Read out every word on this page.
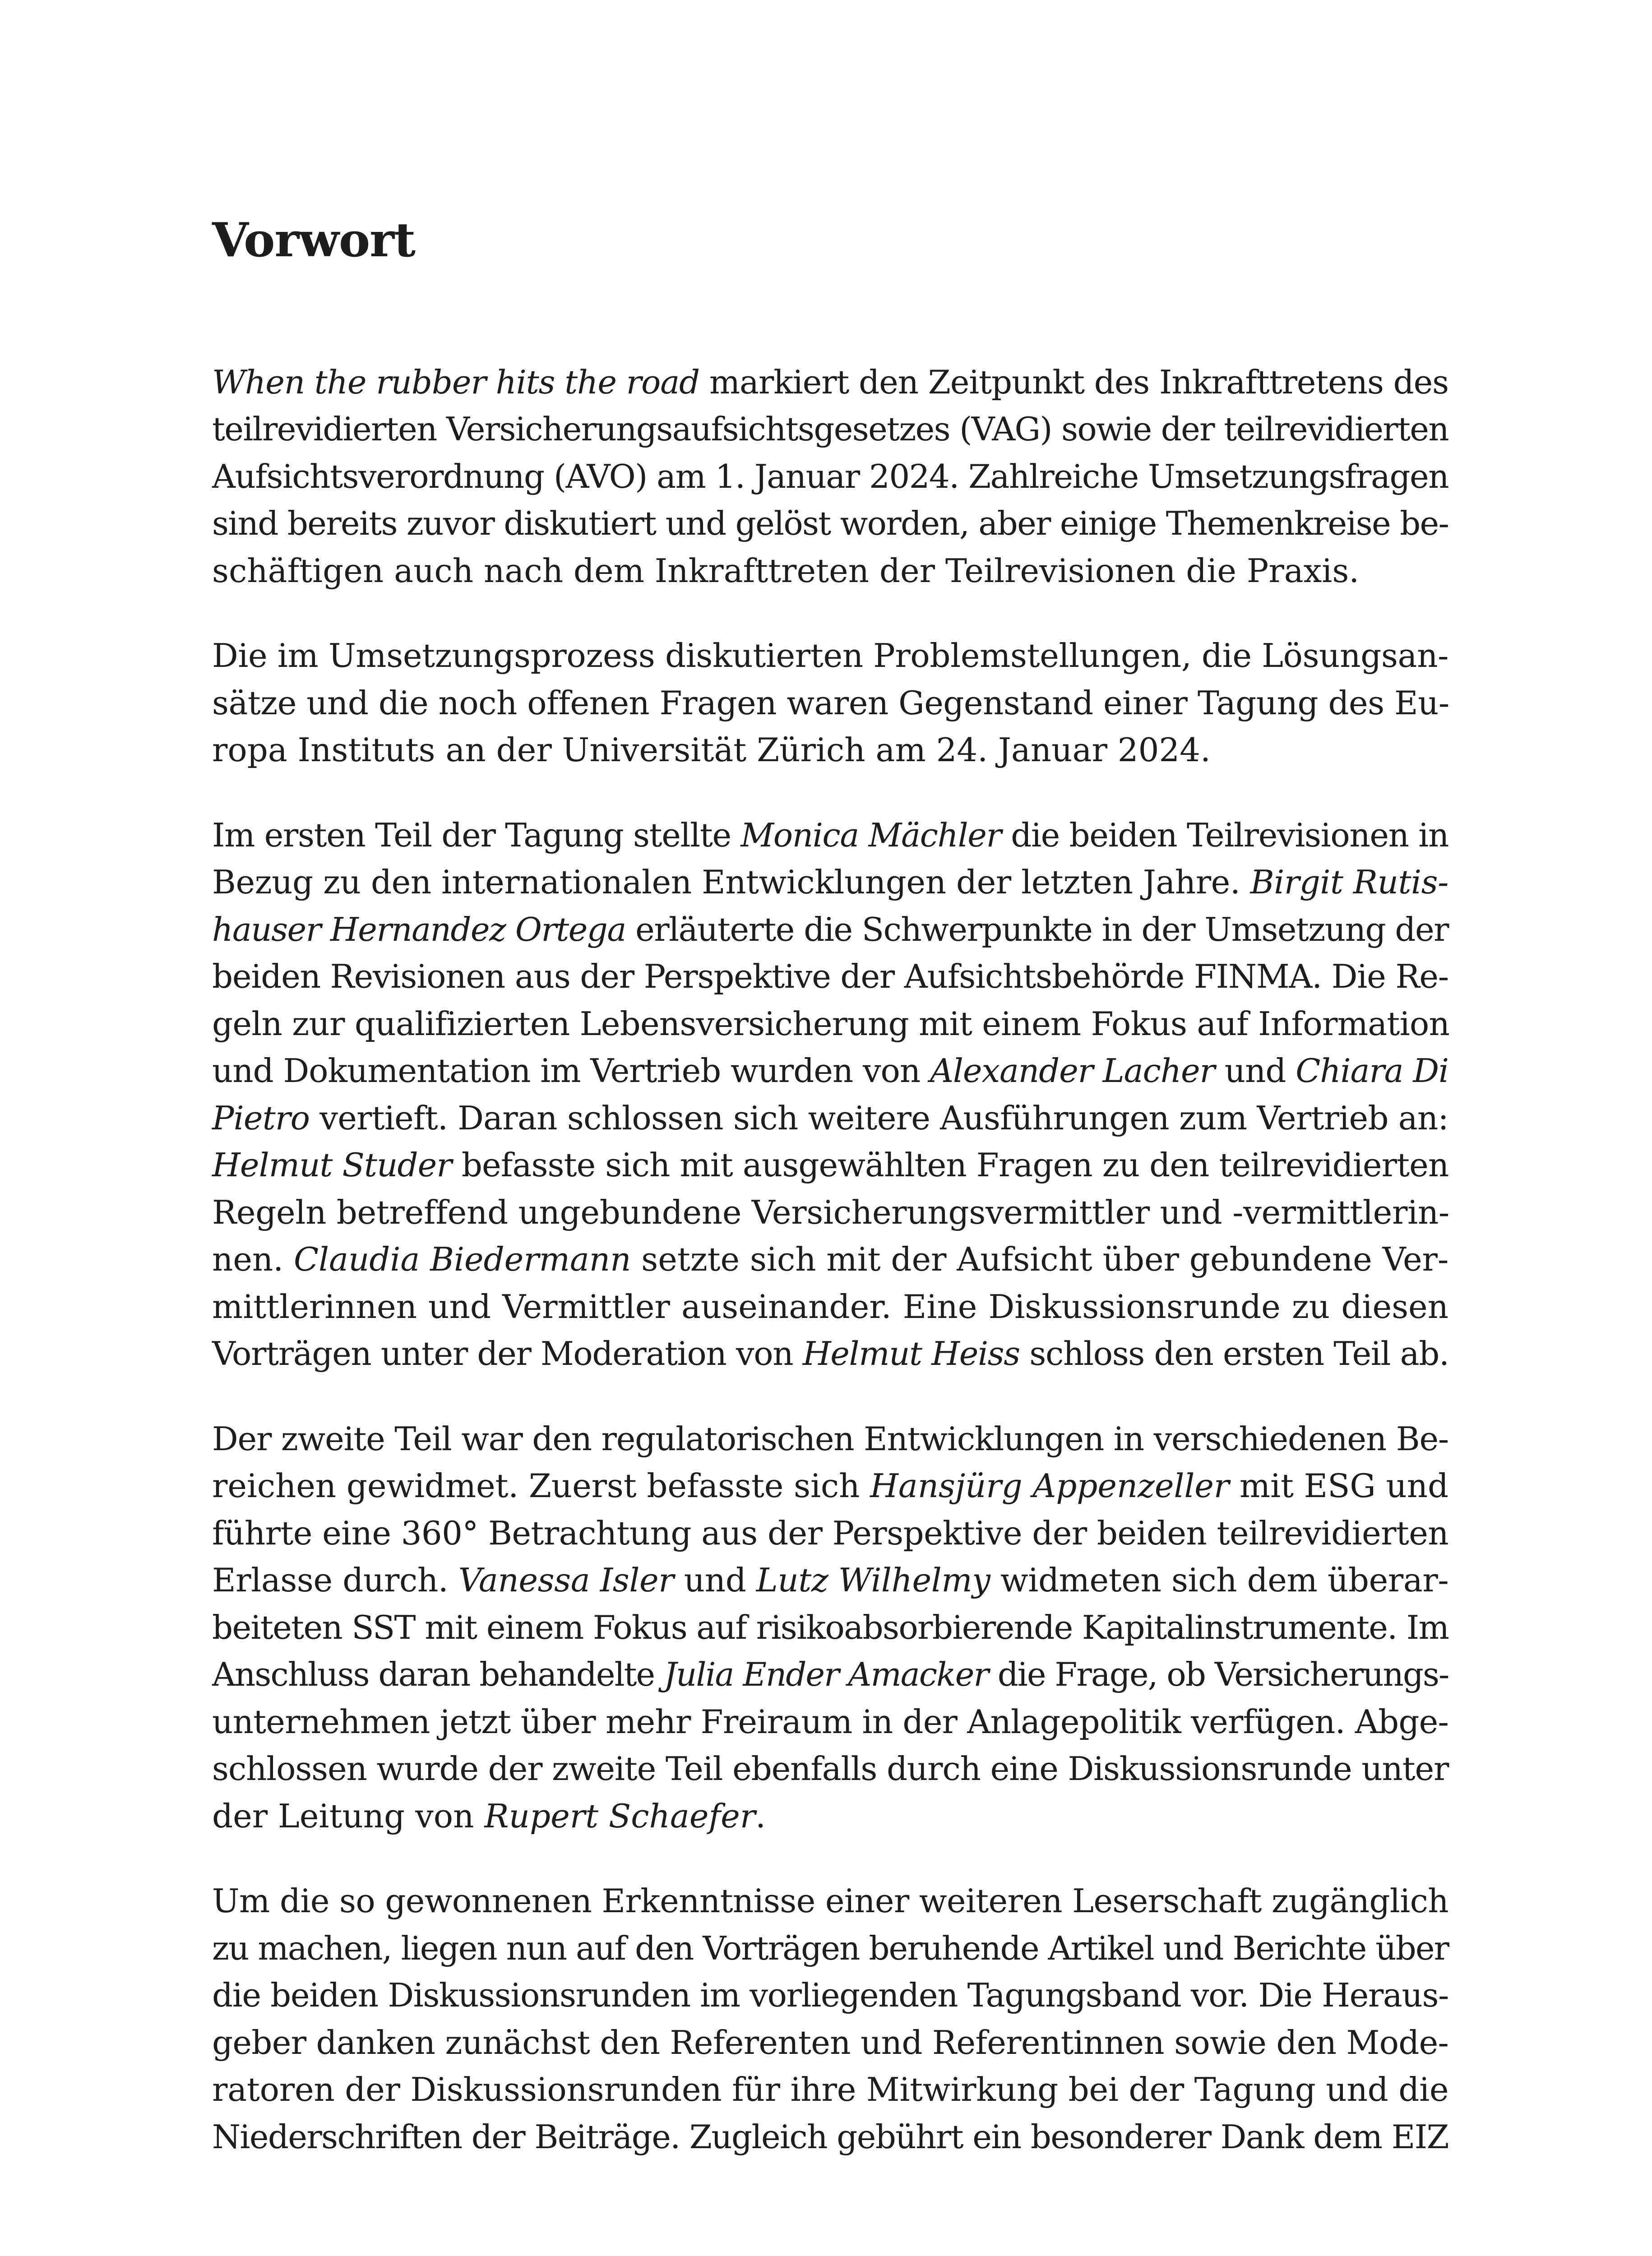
Vorwort

When the rubber hits the road markiert den Zeitpunkt des Inkrafttretens des
teilrevidierten Versicherungsaufsichtsgesetzes (VAG) sowie der teilrevidierten
Aufsichtsverordnung (AVO) am 1. Januar 2024. Zahlreiche Umsetzungsfragen
sind bereits zuvor diskutiert und gelöst worden, aber einige Themenkreise be-
schäftigen auch nach dem Inkrafttreten der Teilrevisionen die Praxis.

Die im Umsetzungsprozess diskutierten Problemstellungen, die Lösungsan-
sätze und die noch offenen Fragen waren Gegenstand einer Tagung des Eu-
ropa Instituts an der Universität Zürich am 24. Januar 2024.

Im ersten Teil der Tagung stellte Monica Mächler die beiden Teilrevisionen in
Bezug zu den internationalen Entwicklungen der letzten Jahre. Birgit Rutis-
hauser Hernandez Ortega erläuterte die Schwerpunkte in der Umsetzung der
beiden Revisionen aus der Perspektive der Aufsichtsbehörde FINMA. Die Re-
geln zur qualifizierten Lebensversicherung mit einem Fokus auf Information
und Dokumentation im Vertrieb wurden von Alexander Lacher und Chiara Di
Pietro vertieft. Daran schlossen sich weitere Ausführungen zum Vertrieb an:
Helmut Studer befasste sich mit ausgewählten Fragen zu den teilrevidierten
Regeln betreffend ungebundene Versicherungsvermittler und -vermittlerin-
nen. Claudia Biedermann setzte sich mit der Aufsicht über gebundene Ver-
mittlerinnen und Vermittler auseinander. Eine Diskussionsrunde zu diesen
Vorträgen unter der Moderation von Helmut Heiss schloss den ersten Teil ab.

Der zweite Teil war den regulatorischen Entwicklungen in verschiedenen Be-
reichen gewidmet. Zuerst befasste sich Hansjürg Appenzeller mit ESG und
führte eine 360° Betrachtung aus der Perspektive der beiden teilrevidierten
Erlasse durch. Vanessa Isler und Lutz Wilhelmy widmeten sich dem überar-
beiteten SST mit einem Fokus auf risikoabsorbierende Kapitalinstrumente. Im
Anschluss daran behandelte Julia Ender Amacker die Frage, ob Versicherungs-
unternehmen jetzt über mehr Freiraum in der Anlagepolitik verfügen. Abge-
schlossen wurde der zweite Teil ebenfalls durch eine Diskussionsrunde unter
der Leitung von Rupert Schaefer.

Um die so gewonnenen Erkenntnisse einer weiteren Leserschaft zugänglich
zu machen, liegen nun auf den Vorträgen beruhende Artikel und Berichte über
die beiden Diskussionsrunden im vorliegenden Tagungsband vor. Die Heraus-
geber danken zunächst den Referenten und Referentinnen sowie den Mode-
ratoren der Diskussionsrunden für ihre Mitwirkung bei der Tagung und die
Niederschriften der Beiträge. Zugleich gebührt ein besonderer Dank dem EIZ
